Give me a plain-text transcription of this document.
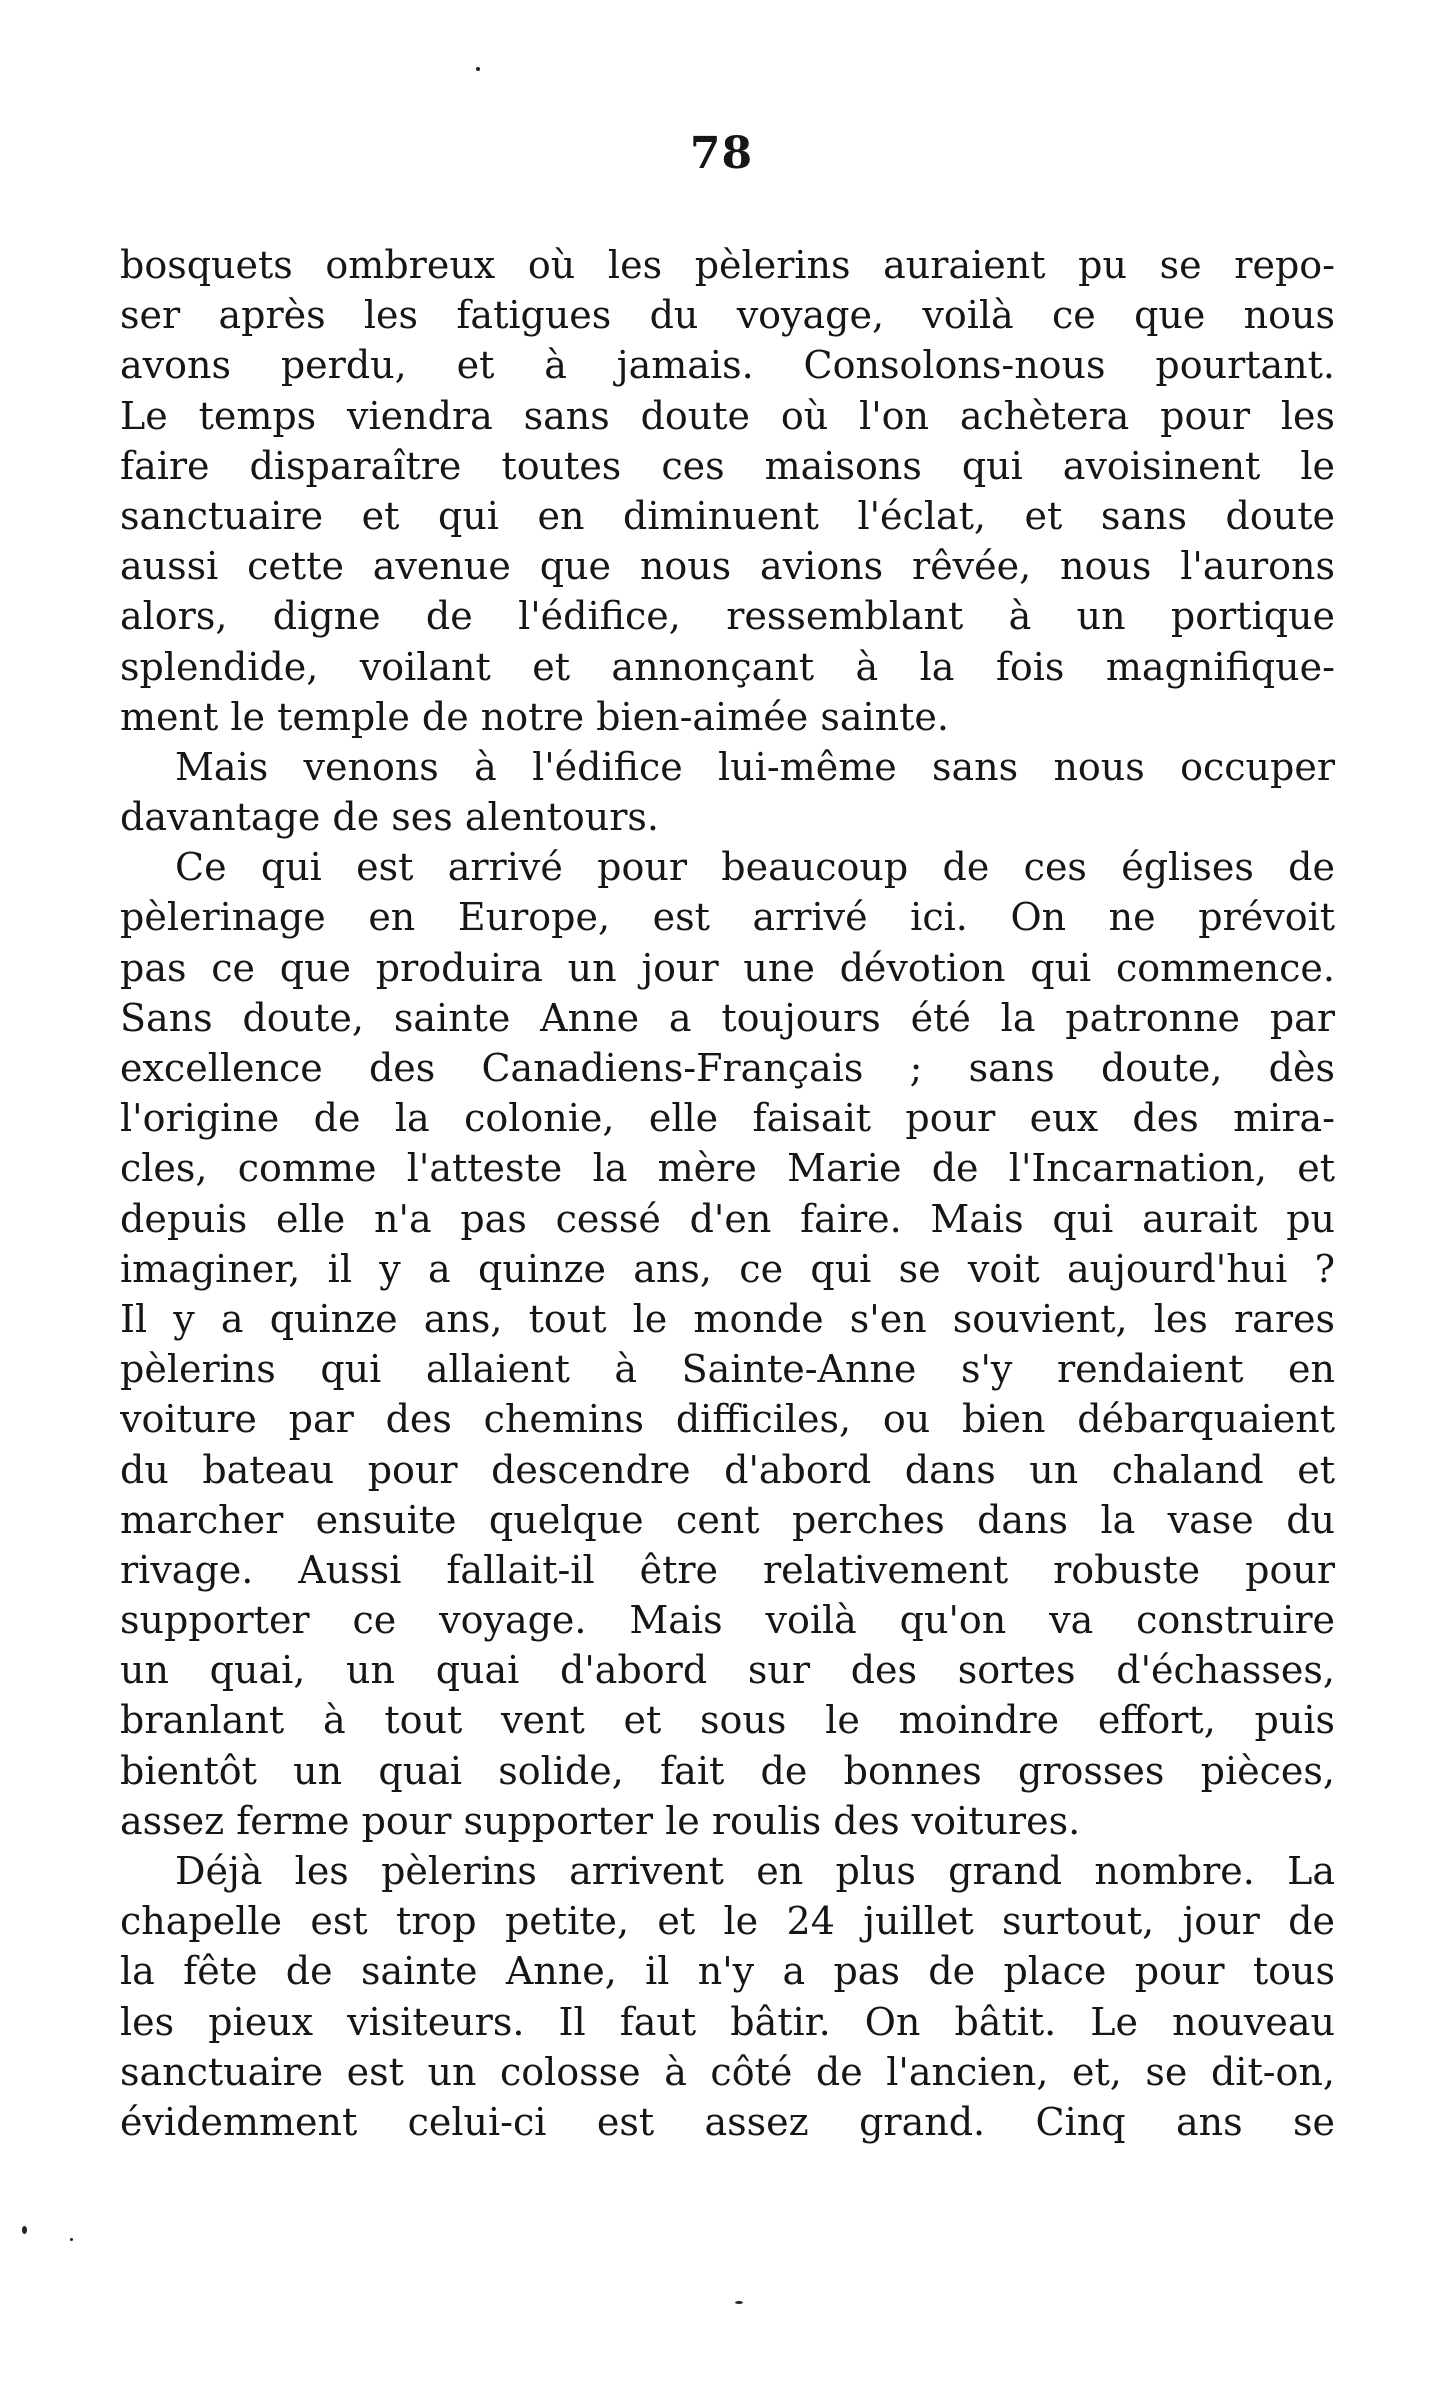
78
bosquets ombreux où les pèlerins auraient pu se repo-
ser après les fatigues du voyage, voilà ce que nous
avons perdu, et à jamais. Consolons-nous pourtant.
Le temps viendra sans doute où l'on achètera pour les
faire disparaître toutes ces maisons qui avoisinent le
sanctuaire et qui en diminuent l'éclat, et sans doute
aussi cette avenue que nous avions rêvée, nous l'aurons
alors, digne de l'édifice, ressemblant à un portique
splendide, voilant et annonçant à la fois magnifique-
ment le temple de notre bien-aimée sainte.
Mais venons à l'édifice lui-même sans nous occuper
davantage de ses alentours.
Ce qui est arrivé pour beaucoup de ces églises de
pèlerinage en Europe, est arrivé ici. On ne prévoit
pas ce que produira un jour une dévotion qui commence.
Sans doute, sainte Anne a toujours été la patronne par
excellence des Canadiens-Français ; sans doute, dès
l'origine de la colonie, elle faisait pour eux des mira-
cles, comme l'atteste la mère Marie de l'Incarnation, et
depuis elle n'a pas cessé d'en faire. Mais qui aurait pu
imaginer, il y a quinze ans, ce qui se voit aujourd'hui ?
Il y a quinze ans, tout le monde s'en souvient, les rares
pèlerins qui allaient à Sainte-Anne s'y rendaient en
voiture par des chemins difficiles, ou bien débarquaient
du bateau pour descendre d'abord dans un chaland et
marcher ensuite quelque cent perches dans la vase du
rivage. Aussi fallait-il être relativement robuste pour
supporter ce voyage. Mais voilà qu'on va construire
un quai, un quai d'abord sur des sortes d'échasses,
branlant à tout vent et sous le moindre effort, puis
bientôt un quai solide, fait de bonnes grosses pièces,
assez ferme pour supporter le roulis des voitures.
Déjà les pèlerins arrivent en plus grand nombre. La
chapelle est trop petite, et le 24 juillet surtout, jour de
la fête de sainte Anne, il n'y a pas de place pour tous
les pieux visiteurs. Il faut bâtir. On bâtit. Le nouveau
sanctuaire est un colosse à côté de l'ancien, et, se dit-on,
évidemment celui-ci est assez grand. Cinq ans se
